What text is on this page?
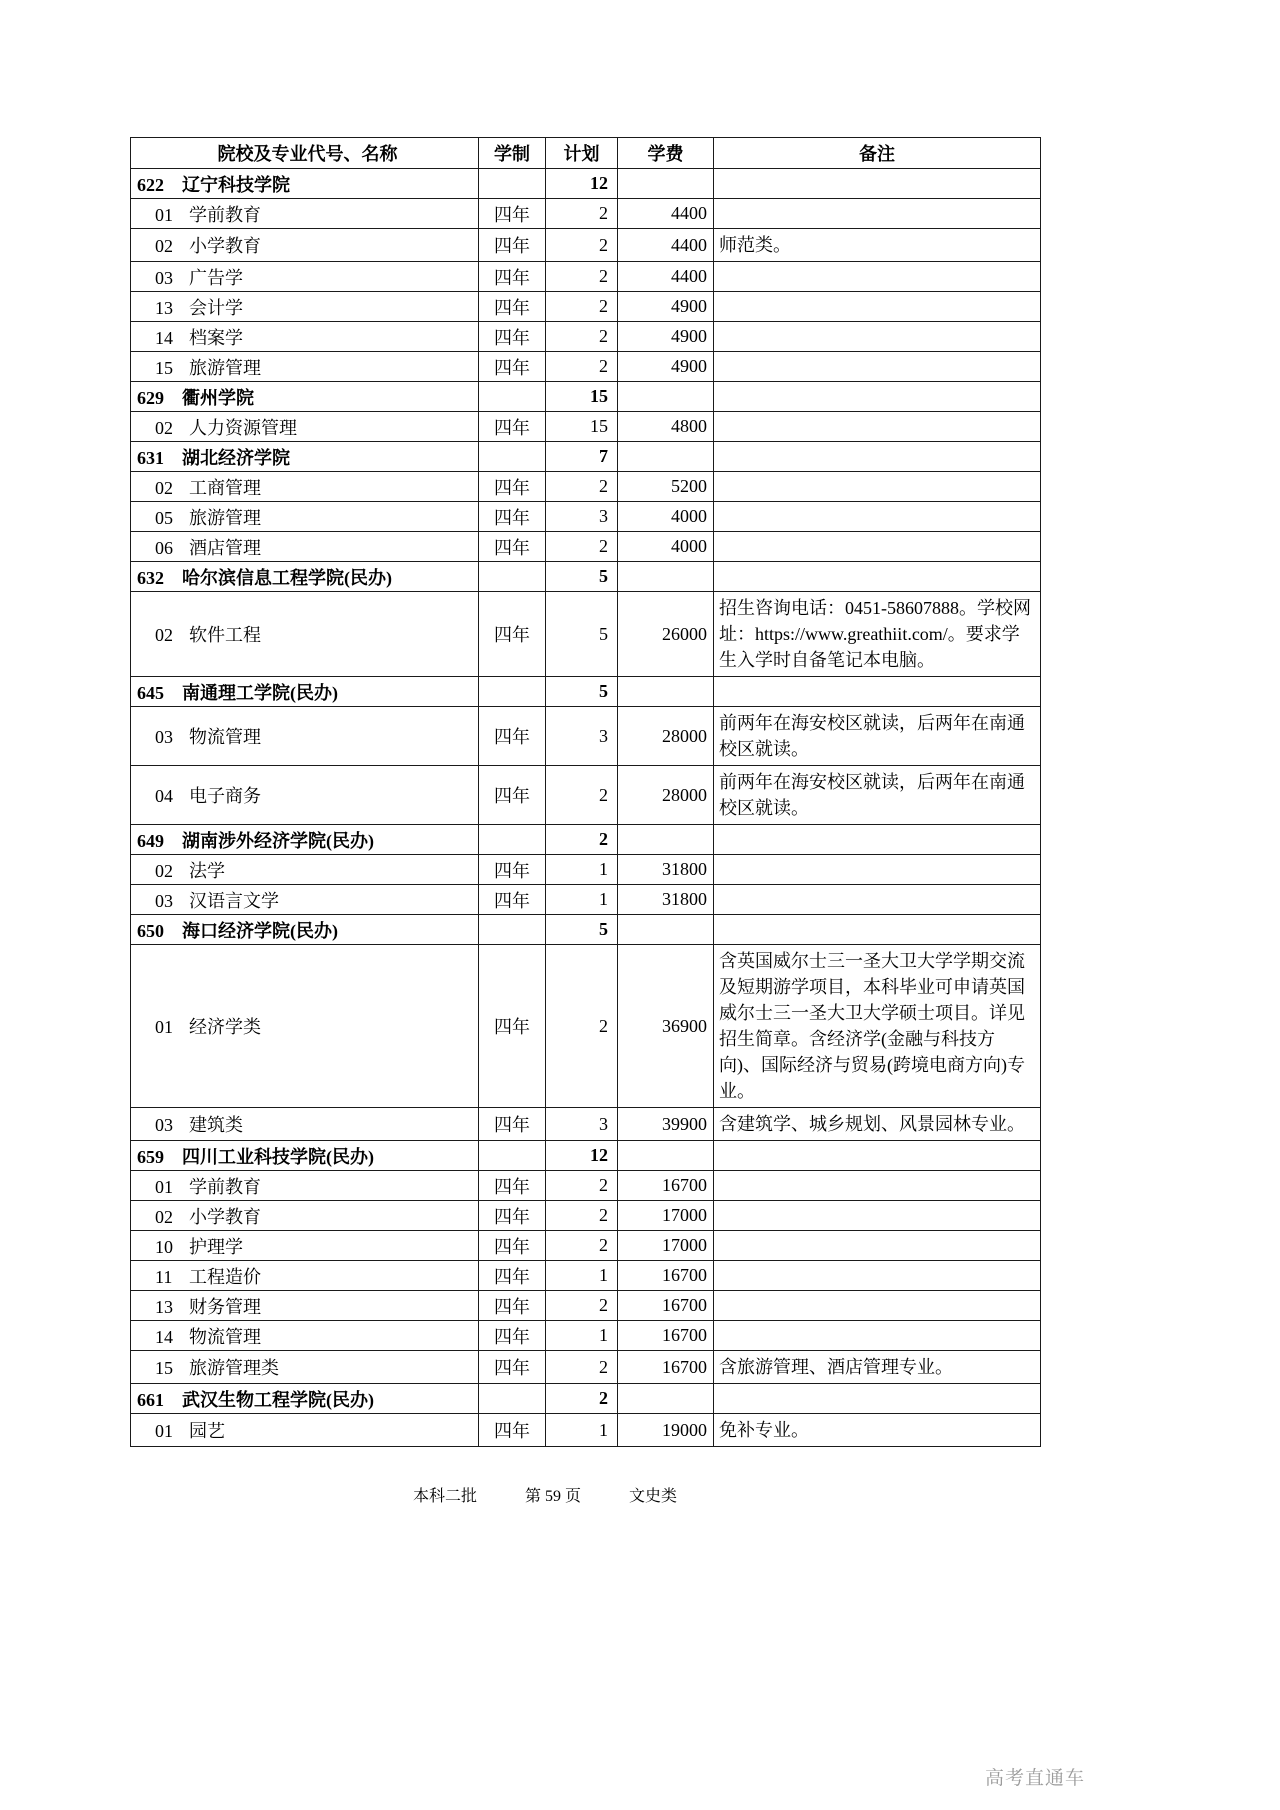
院校及专业代号、名称	学制	计划	学费	备注
622 辽宁科技学院		12		
01 学前教育	四年	2	4400	
02 小学教育	四年	2	4400	师范类。
03 广告学	四年	2	4400	
13 会计学	四年	2	4900	
14 档案学	四年	2	4900	
15 旅游管理	四年	2	4900	
629 衢州学院		15		
02 人力资源管理	四年	15	4800	
631 湖北经济学院		7		
02 工商管理	四年	2	5200	
05 旅游管理	四年	3	4000	
06 酒店管理	四年	2	4000	
632 哈尔滨信息工程学院(民办)		5		
02 软件工程	四年	5	26000	招生咨询电话：0451-58607888。学校网址：https://www.greathiit.com/。要求学生入学时自备笔记本电脑。
645 南通理工学院(民办)		5		
03 物流管理	四年	3	28000	前两年在海安校区就读，后两年在南通校区就读。
04 电子商务	四年	2	28000	前两年在海安校区就读，后两年在南通校区就读。
649 湖南涉外经济学院(民办)		2		
02 法学	四年	1	31800	
03 汉语言文学	四年	1	31800	
650 海口经济学院(民办)		5		
01 经济学类	四年	2	36900	含英国威尔士三一圣大卫大学学期交流及短期游学项目，本科毕业可申请英国威尔士三一圣大卫大学硕士项目。详见招生简章。含经济学(金融与科技方向)、国际经济与贸易(跨境电商方向)专业。
03 建筑类	四年	3	39900	含建筑学、城乡规划、风景园林专业。
659 四川工业科技学院(民办)		12		
01 学前教育	四年	2	16700	
02 小学教育	四年	2	17000	
10 护理学	四年	2	17000	
11 工程造价	四年	1	16700	
13 财务管理	四年	2	16700	
14 物流管理	四年	1	16700	
15 旅游管理类	四年	2	16700	含旅游管理、酒店管理专业。
661 武汉生物工程学院(民办)		2		
01 园艺	四年	1	19000	免补专业。
本科二批	第 59 页	文史类
高考直通车
